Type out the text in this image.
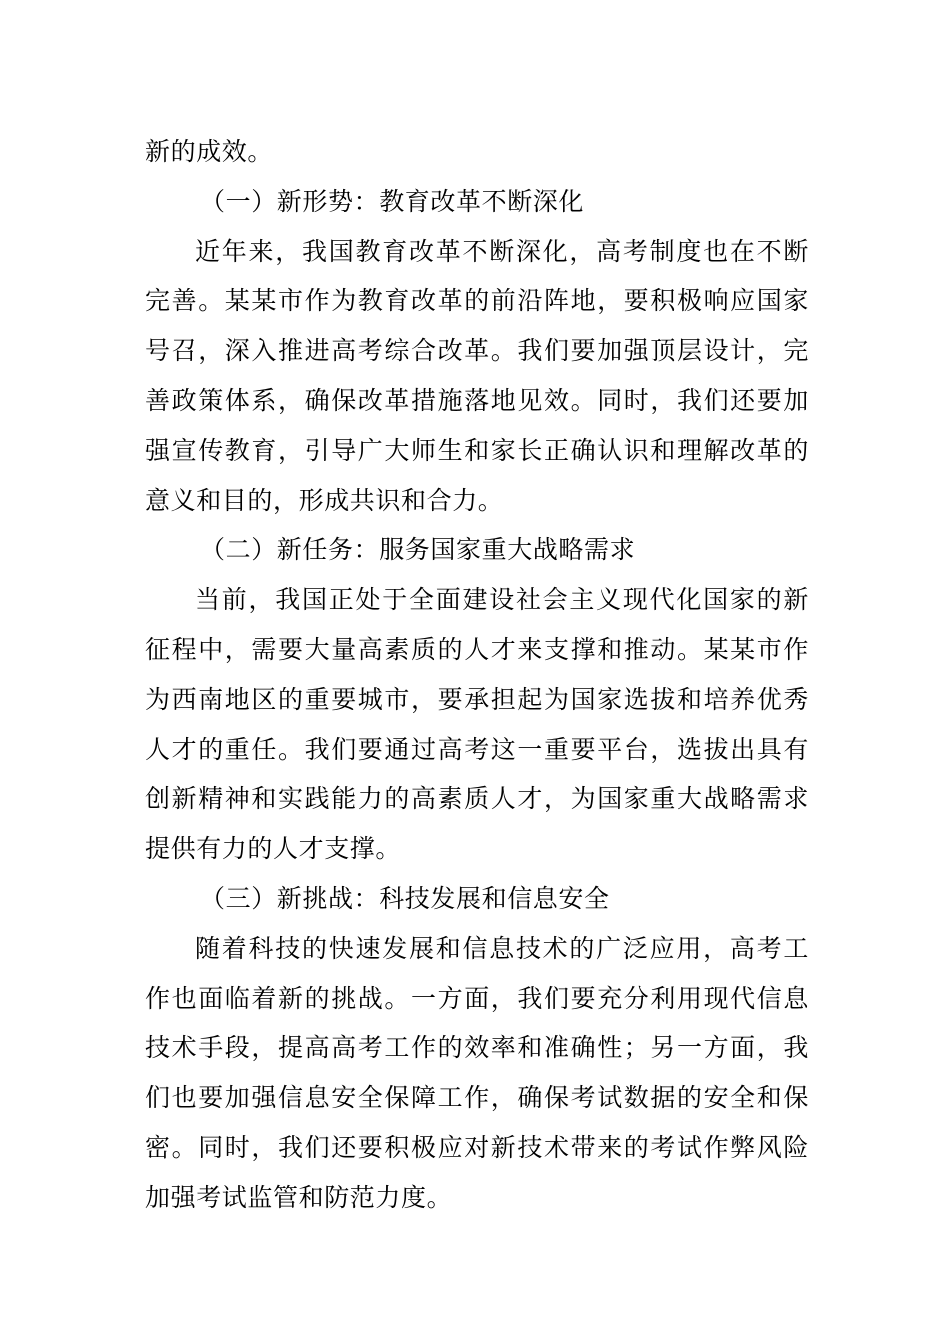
新的成效。
（一）新形势：教育改革不断深化
近年来，我国教育改革不断深化，高考制度也在不断
完善。某某市作为教育改革的前沿阵地，要积极响应国家
号召，深入推进高考综合改革。我们要加强顶层设计，完
善政策体系，确保改革措施落地见效。同时，我们还要加
强宣传教育，引导广大师生和家长正确认识和理解改革的
意义和目的，形成共识和合力。
（二）新任务：服务国家重大战略需求
当前，我国正处于全面建设社会主义现代化国家的新
征程中，需要大量高素质的人才来支撑和推动。某某市作
为西南地区的重要城市，要承担起为国家选拔和培养优秀
人才的重任。我们要通过高考这一重要平台，选拔出具有
创新精神和实践能力的高素质人才，为国家重大战略需求
提供有力的人才支撑。
（三）新挑战：科技发展和信息安全
随着科技的快速发展和信息技术的广泛应用，高考工
作也面临着新的挑战。一方面，我们要充分利用现代信息
技术手段，提高高考工作的效率和准确性；另一方面，我
们也要加强信息安全保障工作，确保考试数据的安全和保
密。同时，我们还要积极应对新技术带来的考试作弊风险
加强考试监管和防范力度。
